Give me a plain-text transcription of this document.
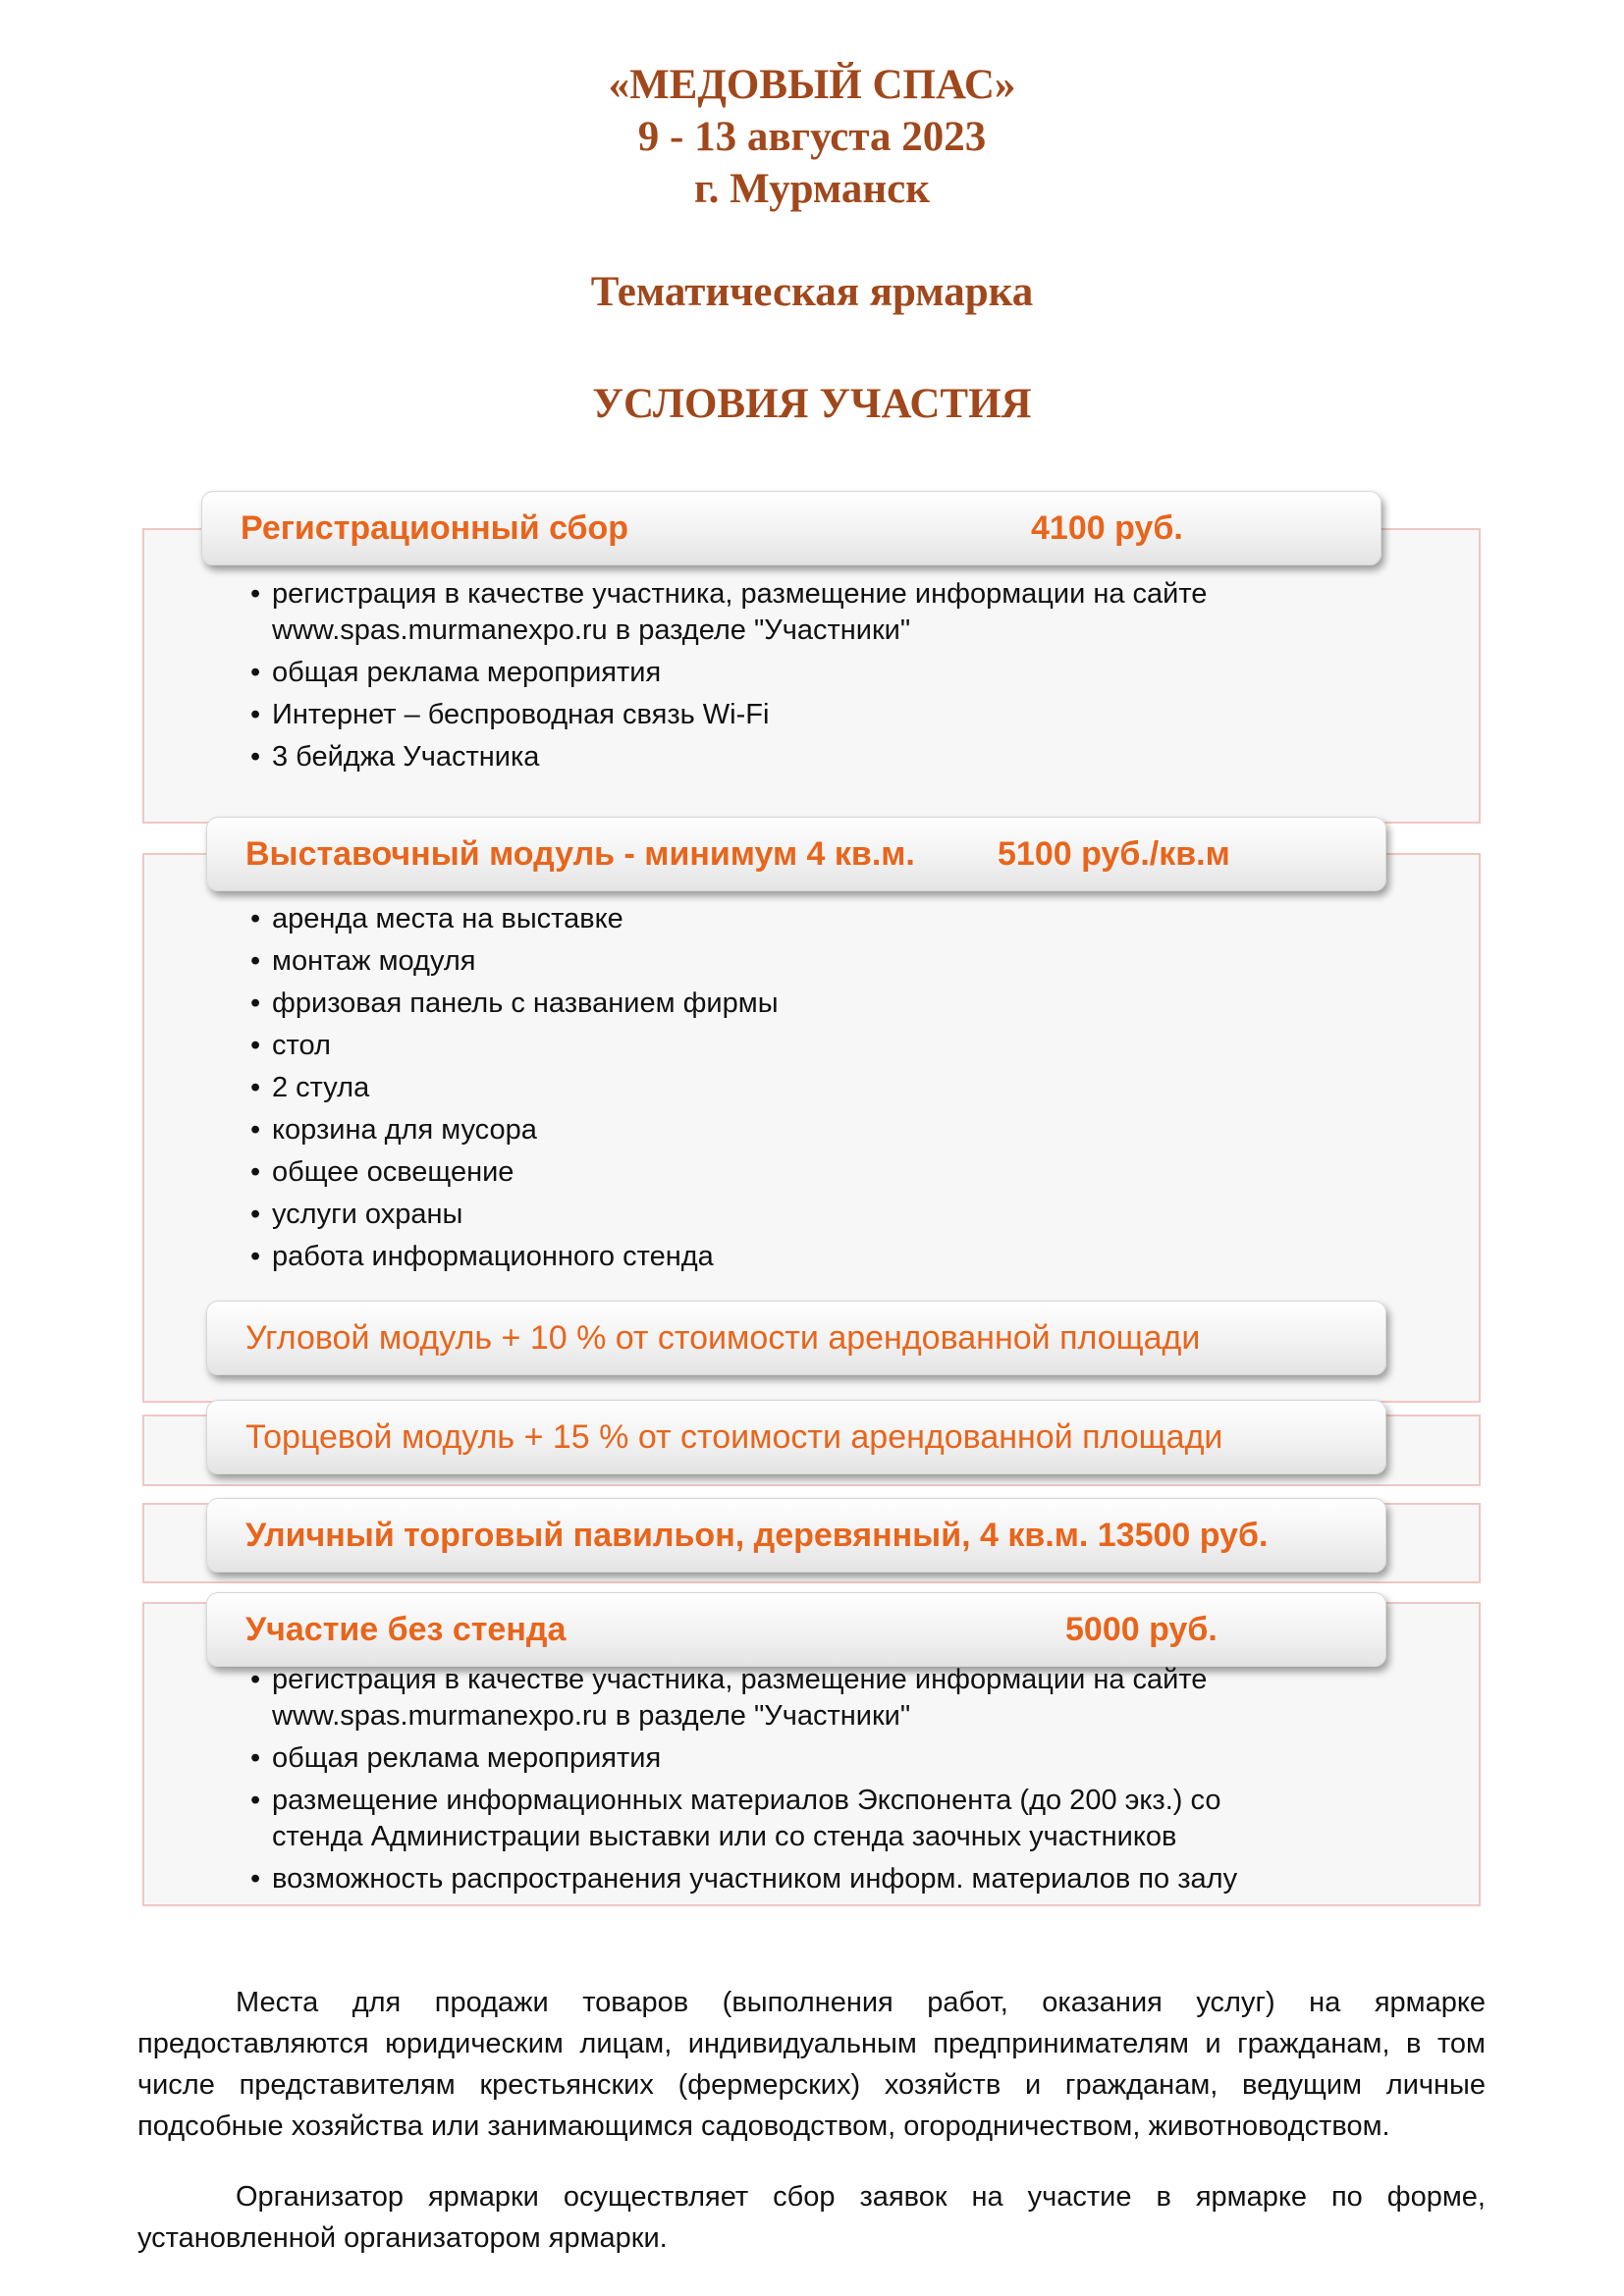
«МЕДОВЫЙ СПАС»
9 - 13 августа 2023
г. Мурманск
Тематическая ярмарка
УСЛОВИЯ УЧАСТИЯ
Регистрационный сбор	4100 руб.
• регистрация в качестве участника, размещение информации на сайте www.spas.murmanexpo.ru в разделе "Участники"
• общая реклама мероприятия
• Интернет – беспроводная связь Wi-Fi
• 3 бейджа Участника
Выставочный модуль - минимум 4 кв.м. 5100 руб./кв.м
• аренда места на выставке
• монтаж модуля
• фризовая панель с названием фирмы
• стол
• 2 стула
• корзина для мусора
• общее освещение
• услуги охраны
• работа информационного стенда
Угловой модуль + 10 % от стоимости арендованной площади
Торцевой модуль + 15 % от стоимости арендованной площади
Уличный торговый павильон, деревянный, 4 кв.м. 13500 руб.
Участие без стенда	5000 руб.
• регистрация в качестве участника, размещение информации на сайте www.spas.murmanexpo.ru в разделе "Участники"
• общая реклама мероприятия
• размещение информационных материалов Экспонента (до 200 экз.) со стенда Администрации выставки или со стенда заочных участников
• возможность распространения участником информ. материалов по залу

Места для продажи товаров (выполнения работ, оказания услуг) на ярмарке предоставляются юридическим лицам, индивидуальным предпринимателям и гражданам, в том числе представителям крестьянских (фермерских) хозяйств и гражданам, ведущим личные подсобные хозяйства или занимающимся садоводством, огородничеством, животноводством.

Организатор ярмарки осуществляет сбор заявок на участие в ярмарке по форме, установленной организатором ярмарки.
